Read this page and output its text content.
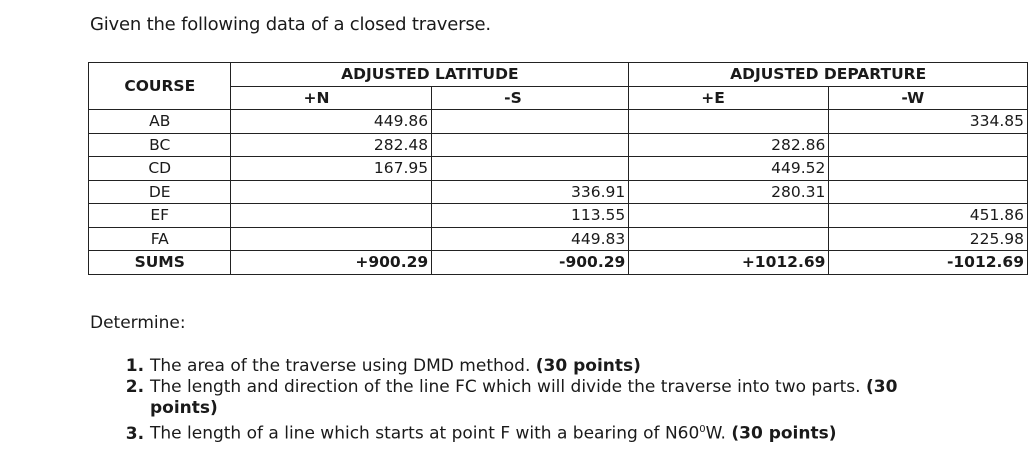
Given the following data of a closed traverse.
COURSE	ADJUSTED LATITUDE		ADJUSTED DEPARTURE	
	+N	-S	+E	-W
AB	449.86			334.85
BC	282.48		282.86	
CD	167.95		449.52	
DE		336.91	280.31	
EF		113.55		451.86
FA		449.83		225.98
SUMS	+900.29	-900.29	+1012.69	-1012.69
Determine:
1. The area of the traverse using DMD method. (30 points)
2. The length and direction of the line FC which will divide the traverse into two parts. (30 points)
3. The length of a line which starts at point F with a bearing of $N60^0W$. (30 points)
